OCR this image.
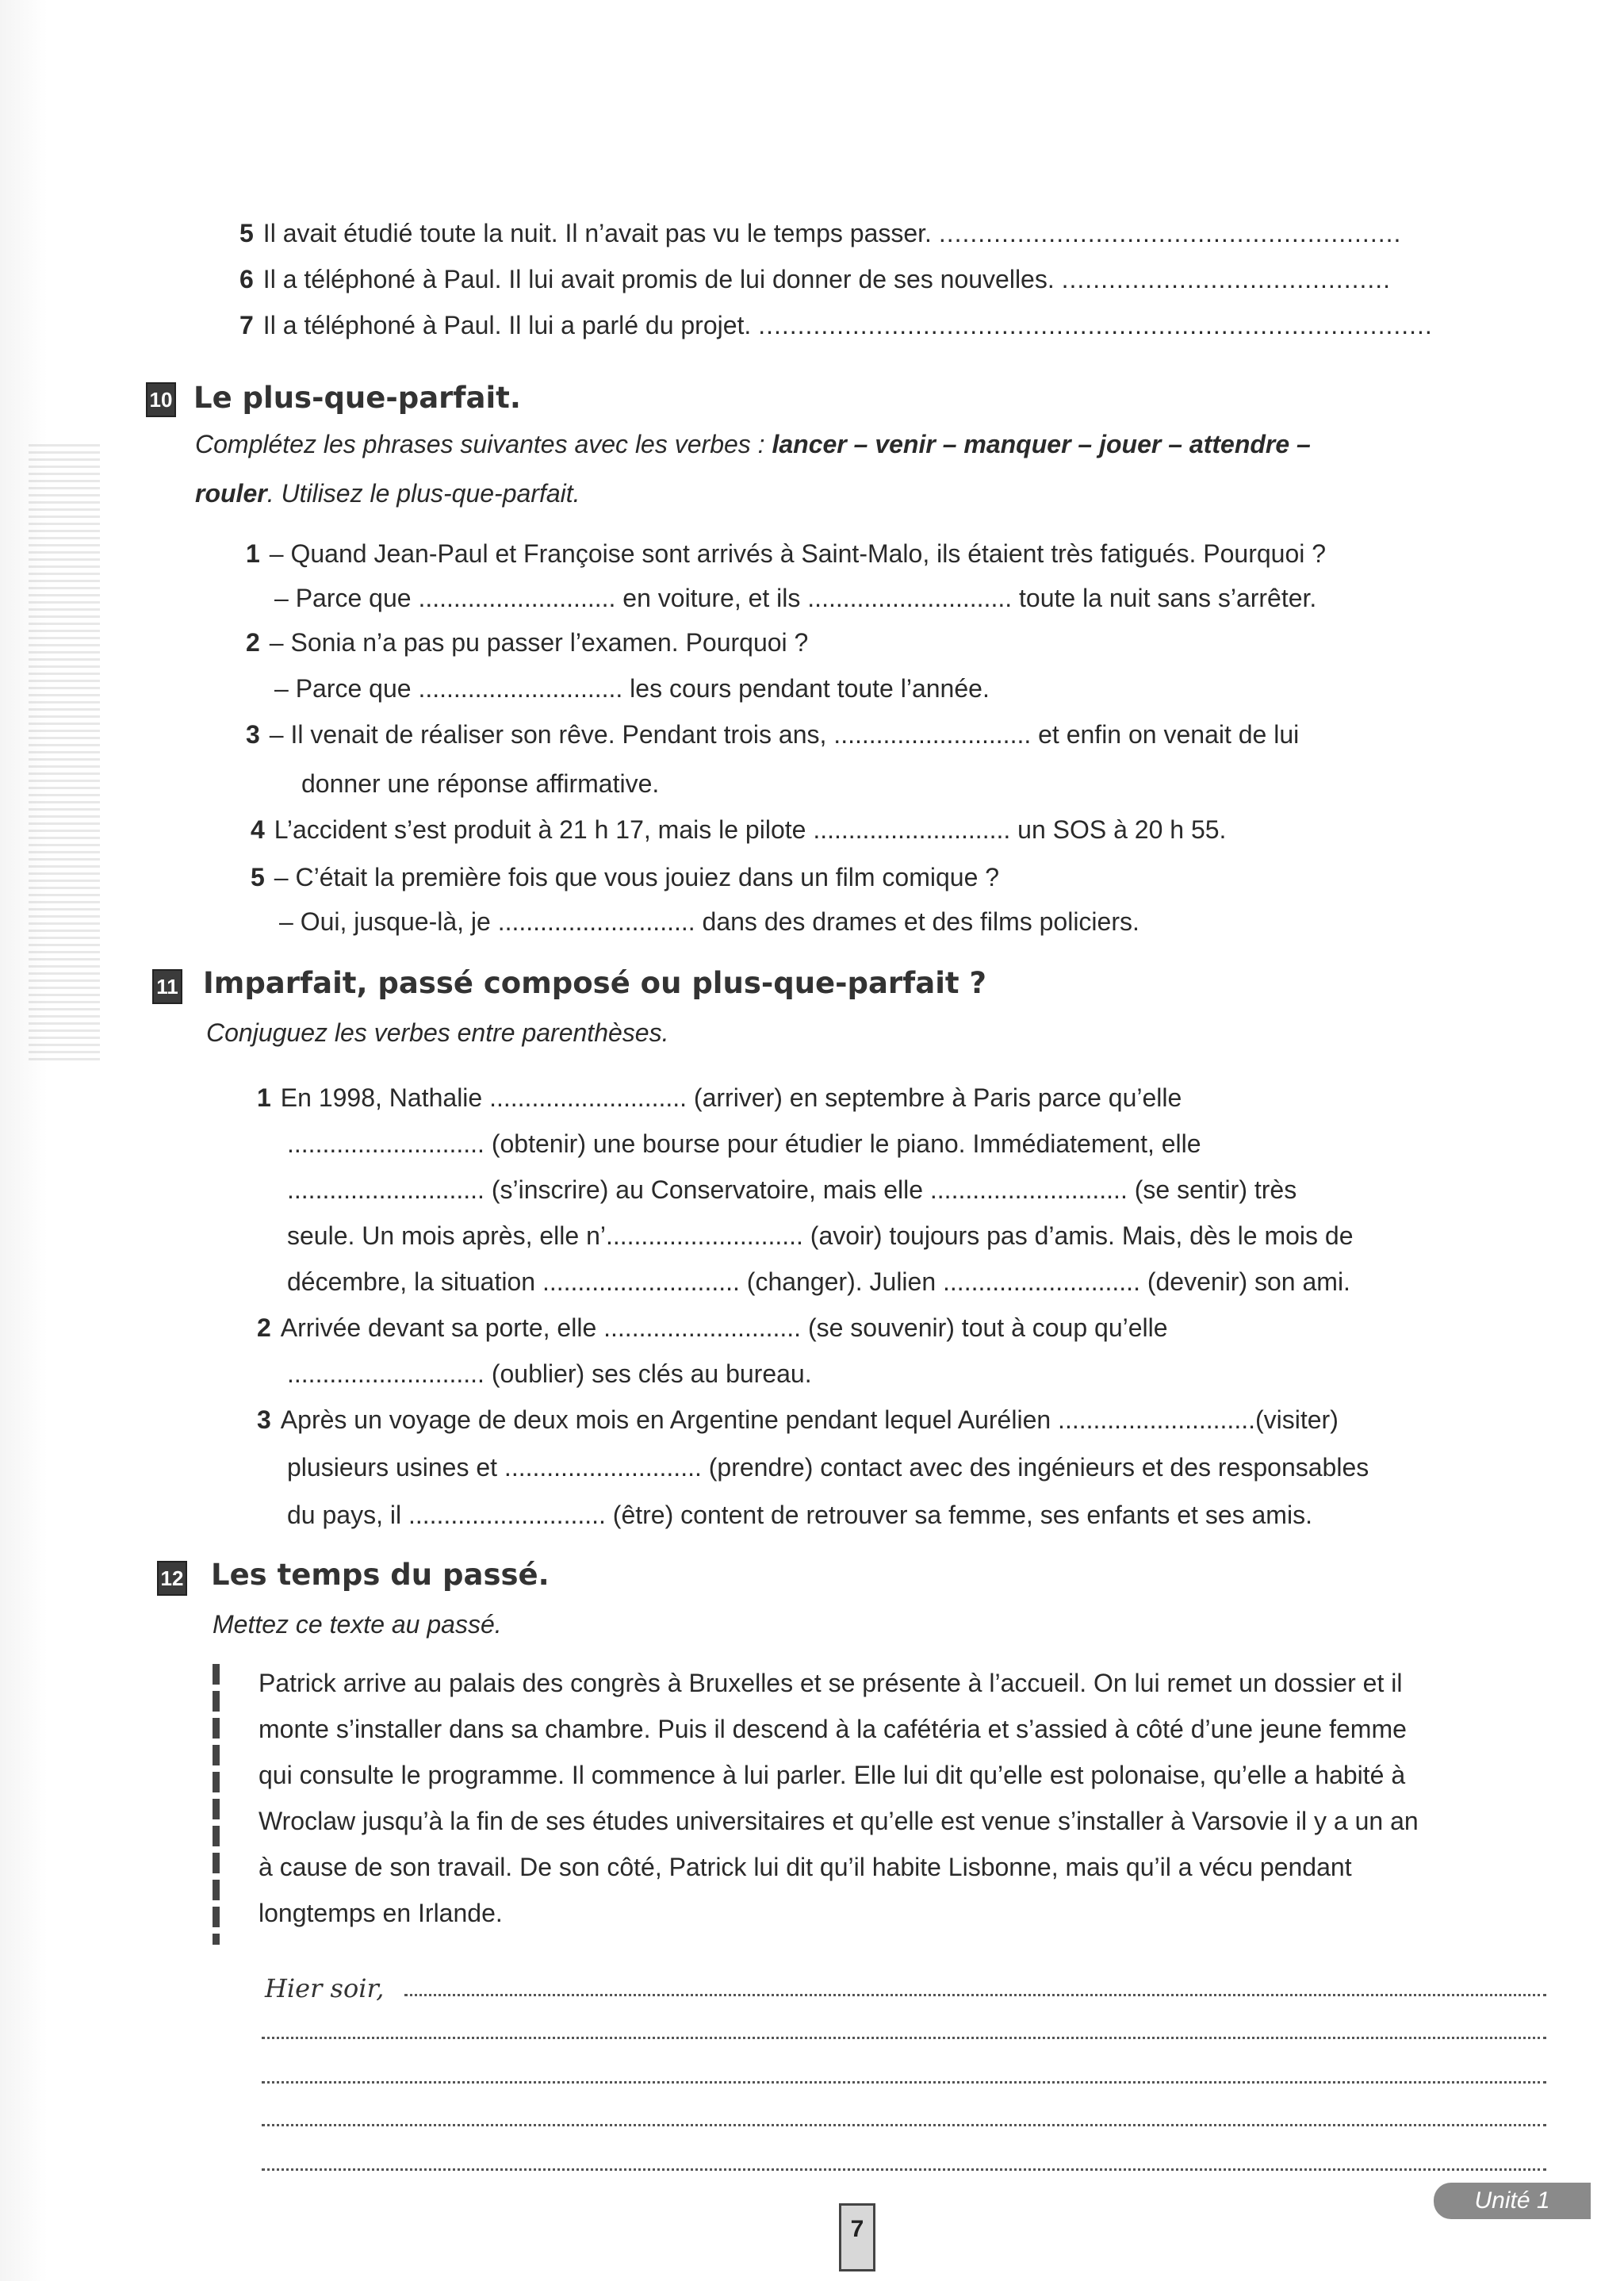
5 Il avait étudié toute la nuit. Il n’avait pas vu le temps passer. ...........................................................
6 Il a téléphoné à Paul. Il lui avait promis de lui donner de ses nouvelles. ..........................................
7 Il a téléphoné à Paul. Il lui a parlé du projet. ......................................................................................
10 Le plus-que-parfait.
Complétez les phrases suivantes avec les verbes : lancer – venir – manquer – jouer – attendre –
rouler. Utilisez le plus-que-parfait.
1 – Quand Jean-Paul et Françoise sont arrivés à Saint-Malo, ils étaient très fatigués. Pourquoi ?
– Parce que ............................ en voiture, et ils ............................. toute la nuit sans s’arrêter.
2 – Sonia n’a pas pu passer l’examen. Pourquoi ?
– Parce que ............................. les cours pendant toute l’année.
3 – Il venait de réaliser son rêve. Pendant trois ans, ............................ et enfin on venait de lui
donner une réponse affirmative.
4 L’accident s’est produit à 21 h 17, mais le pilote ............................ un SOS à 20 h 55.
5 – C’était la première fois que vous jouiez dans un film comique ?
– Oui, jusque-là, je ............................ dans des drames et des films policiers.
11 Imparfait, passé composé ou plus-que-parfait ?
Conjuguez les verbes entre parenthèses.
1 En 1998, Nathalie ............................ (arriver) en septembre à Paris parce qu’elle
............................ (obtenir) une bourse pour étudier le piano. Immédiatement, elle
............................ (s’inscrire) au Conservatoire, mais elle ............................ (se sentir) très
seule. Un mois après, elle n’............................ (avoir) toujours pas d’amis. Mais, dès le mois de
décembre, la situation ............................ (changer). Julien ............................ (devenir) son ami.
2 Arrivée devant sa porte, elle ............................ (se souvenir) tout à coup qu’elle
............................ (oublier) ses clés au bureau.
3 Après un voyage de deux mois en Argentine pendant lequel Aurélien ............................(visiter)
plusieurs usines et ............................ (prendre) contact avec des ingénieurs et des responsables
du pays, il ............................ (être) content de retrouver sa femme, ses enfants et ses amis.
12 Les temps du passé.
Mettez ce texte au passé.
Patrick arrive au palais des congrès à Bruxelles et se présente à l’accueil. On lui remet un dossier et il
monte s’installer dans sa chambre. Puis il descend à la cafétéria et s’assied à côté d’une jeune femme
qui consulte le programme. Il commence à lui parler. Elle lui dit qu’elle est polonaise, qu’elle a habité à
Wroclaw jusqu’à la fin de ses études universitaires et qu’elle est venue s’installer à Varsovie il y a un an
à cause de son travail. De son côté, Patrick lui dit qu’il habite Lisbonne, mais qu’il a vécu pendant
longtemps en Irlande.
Hier soir,
7
Unité 1
